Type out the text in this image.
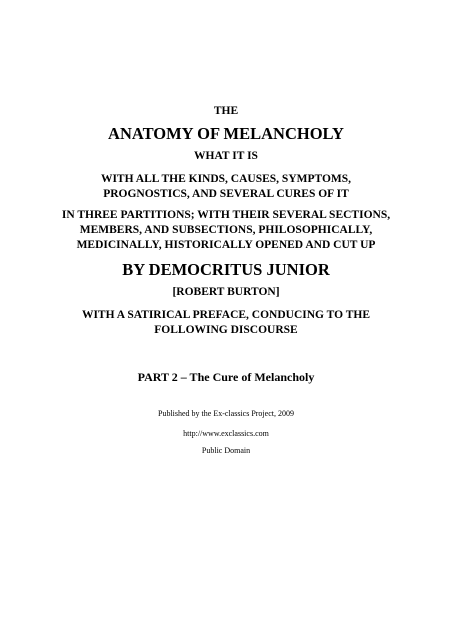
THE
ANATOMY OF MELANCHOLY
WHAT IT IS
WITH ALL THE KINDS, CAUSES, SYMPTOMS,
PROGNOSTICS, AND SEVERAL CURES OF IT
IN THREE PARTITIONS; WITH THEIR SEVERAL SECTIONS,
MEMBERS, AND SUBSECTIONS, PHILOSOPHICALLY,
MEDICINALLY, HISTORICALLY OPENED AND CUT UP
BY DEMOCRITUS JUNIOR
[ROBERT BURTON]
WITH A SATIRICAL PREFACE, CONDUCING TO THE
FOLLOWING DISCOURSE
PART 2 – The Cure of Melancholy
Published by the Ex-classics Project, 2009
http://www.exclassics.com
Public Domain
